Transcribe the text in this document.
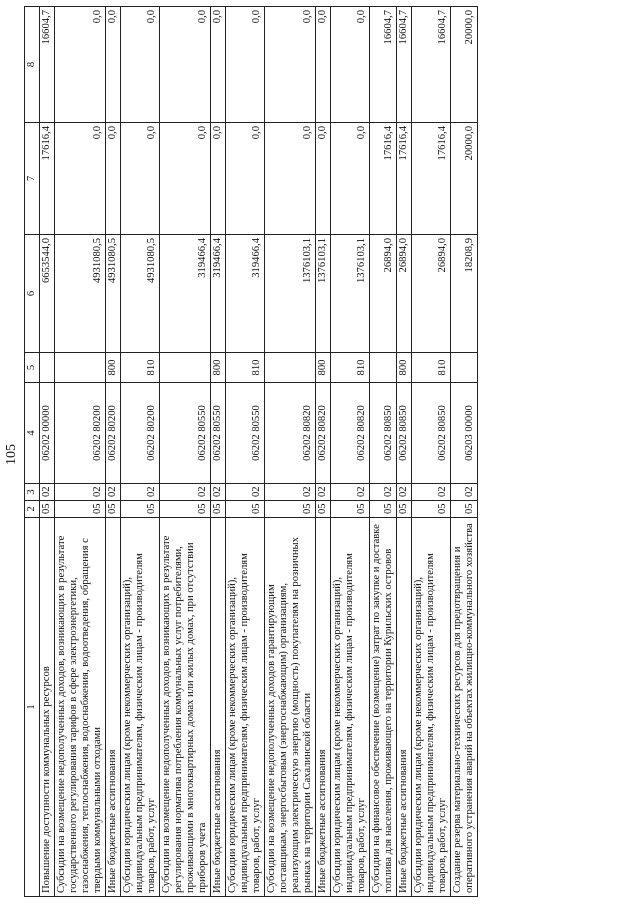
105
1	2	3	4	5	6	7	8
Повышение доступности коммунальных ресурсов	05	02	06202 00000		6653544,0	17616,4	16604,7
Субсидии на возмещение недополученных доходов, возникающих в результате государственного регулирования тарифов в сфере электроэнергетики, газоснабжения, теплоснабжения, водоснабжения, водоотведения, обращения с твердыми коммунальными отходами	05	02	06202 80200		4931080,5	0,0	0,0
Иные бюджетные ассигнования	05	02	06202 80200	800	4931080,5	0,0	0,0
Субсидии юридическим лицам (кроме некоммерческих организаций), индивидуальным предпринимателям, физическим лицам - производителям товаров, работ, услуг	05	02	06202 80200	810	4931080,5	0,0	0,0
Субсидии на возмещение недополученных доходов, возникающих в результате регулирования норматива потребления коммунальных услуг потребителями, проживающими в многоквартирных домах или жилых домах, при отсутствии приборов учета	05	02	06202 80550		319466,4	0,0	0,0
Иные бюджетные ассигнования	05	02	06202 80550	800	319466,4	0,0	0,0
Субсидии юридическим лицам (кроме некоммерческих организаций), индивидуальным предпринимателям, физическим лицам - производителям товаров, работ, услуг	05	02	06202 80550	810	319466,4	0,0	0,0
Субсидии на возмещение недополученных доходов гарантирующим поставщикам, энергосбытовым (энергоснабжающим) организациям, реализующим электрическую энергию (мощность) покупателям на розничных рынках на территории Сахалинской области	05	02	06202 80820		1376103,1	0,0	0,0
Иные бюджетные ассигнования	05	02	06202 80820	800	1376103,1	0,0	0,0
Субсидии юридическим лицам (кроме некоммерческих организаций), индивидуальным предпринимателям, физическим лицам - производителям товаров, работ, услуг	05	02	06202 80820	810	1376103,1	0,0	0,0
Субсидии на финансовое обеспечение (возмещение) затрат по закупке и доставке топлива для населения, проживающего на территории Курильских островов	05	02	06202 80850		26894,0	17616,4	16604,7
Иные бюджетные ассигнования	05	02	06202 80850	800	26894,0	17616,4	16604,7
Субсидии юридическим лицам (кроме некоммерческих организаций), индивидуальным предпринимателям, физическим лицам - производителям товаров, работ, услуг	05	02	06202 80850	810	26894,0	17616,4	16604,7
Создание резерва материально-технических ресурсов для предотвращения и оперативного устранения аварий на объектах жилищно-коммунального хозяйства	05	02	06203 00000		18208,9	20000,0	20000,0
